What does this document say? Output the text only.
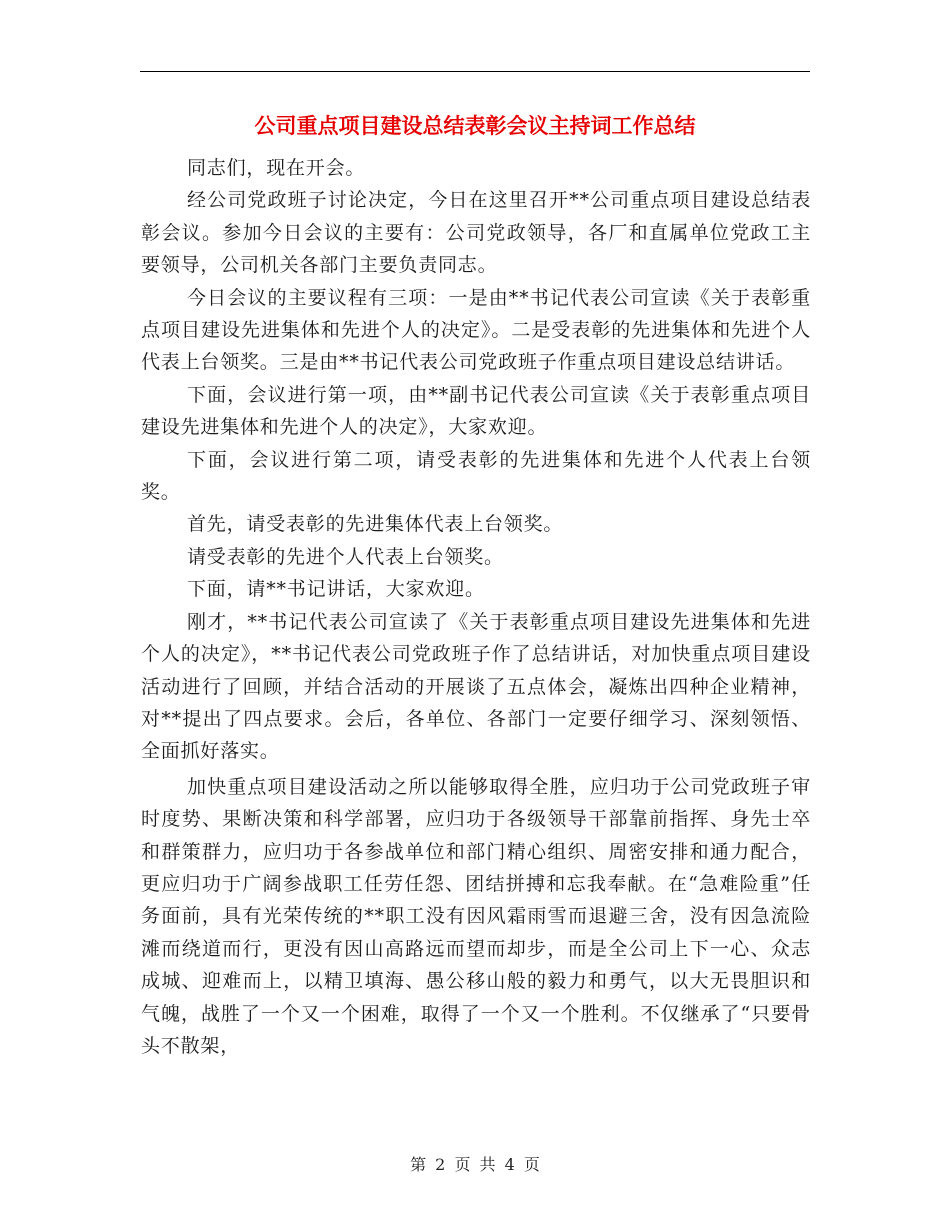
公司重点项目建设总结表彰会议主持词工作总结

同志们，现在开会。

经公司党政班子讨论决定，今日在这里召开**公司重点项目建设总结表彰会议。参加今日会议的主要有：公司党政领导，各厂和直属单位党政工主要领导，公司机关各部门主要负责同志。

今日会议的主要议程有三项：一是由**书记代表公司宣读《关于表彰重点项目建设先进集体和先进个人的决定》。二是受表彰的先进集体和先进个人代表上台领奖。三是由**书记代表公司党政班子作重点项目建设总结讲话。

下面，会议进行第一项，由**副书记代表公司宣读《关于表彰重点项目建设先进集体和先进个人的决定》，大家欢迎。

下面，会议进行第二项，请受表彰的先进集体和先进个人代表上台领奖。

首先，请受表彰的先进集体代表上台领奖。

请受表彰的先进个人代表上台领奖。

下面，请**书记讲话，大家欢迎。

刚才，**书记代表公司宣读了《关于表彰重点项目建设先进集体和先进个人的决定》，**书记代表公司党政班子作了总结讲话，对加快重点项目建设活动进行了回顾，并结合活动的开展谈了五点体会，凝炼出四种企业精神，对**提出了四点要求。会后，各单位、各部门一定要仔细学习、深刻领悟、全面抓好落实。

加快重点项目建设活动之所以能够取得全胜，应归功于公司党政班子审时度势、果断决策和科学部署，应归功于各级领导干部靠前指挥、身先士卒和群策群力，应归功于各参战单位和部门精心组织、周密安排和通力配合，更应归功于广阔参战职工任劳任怨、团结拼搏和忘我奉献。在“急难险重”任务面前，具有光荣传统的**职工没有因风霜雨雪而退避三舍，没有因急流险滩而绕道而行，更没有因山高路远而望而却步，而是全公司上下一心、众志成城、迎难而上，以精卫填海、愚公移山般的毅力和勇气，以大无畏胆识和气魄，战胜了一个又一个困难，取得了一个又一个胜利。不仅继承了“只要骨头不散架，

第 2 页 共 4 页
